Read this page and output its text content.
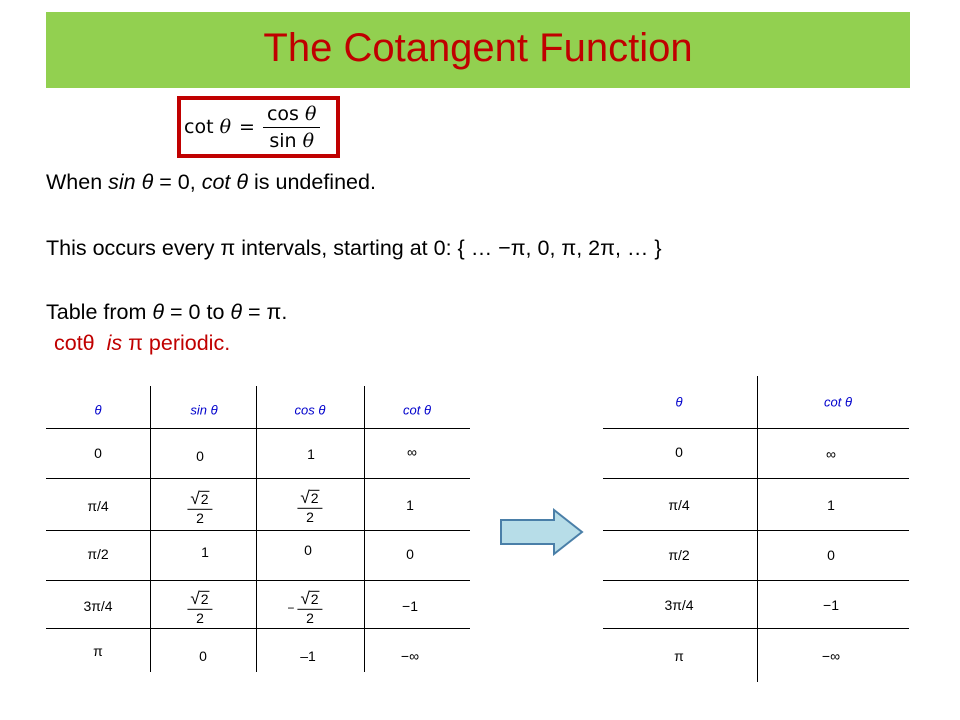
The Cotangent Function
$\cot \theta = \frac{\text{cos θ}}{\text{sin θ}}$
When sin θ = 0, cot θ is undefined.
This occurs every π intervals, starting at 0: { … −π, 0, π, 2π, … }
Table from θ = 0 to θ = π.
cotθ is π periodic.
θ	sin θ	cos θ	cot θ
0	0	1	∞
π/4	$\frac{√ 2}{2}$	$\frac{√ 2}{2}$	1
π/2	1	0	0
3π/4	$\frac{√ 2}{2}$	− $\frac{√ 2}{2}$	−1
π	0	–1	−∞
θ	cot θ
0	∞
π/4	1
π/2	0
3π/4	−1
π	−∞
